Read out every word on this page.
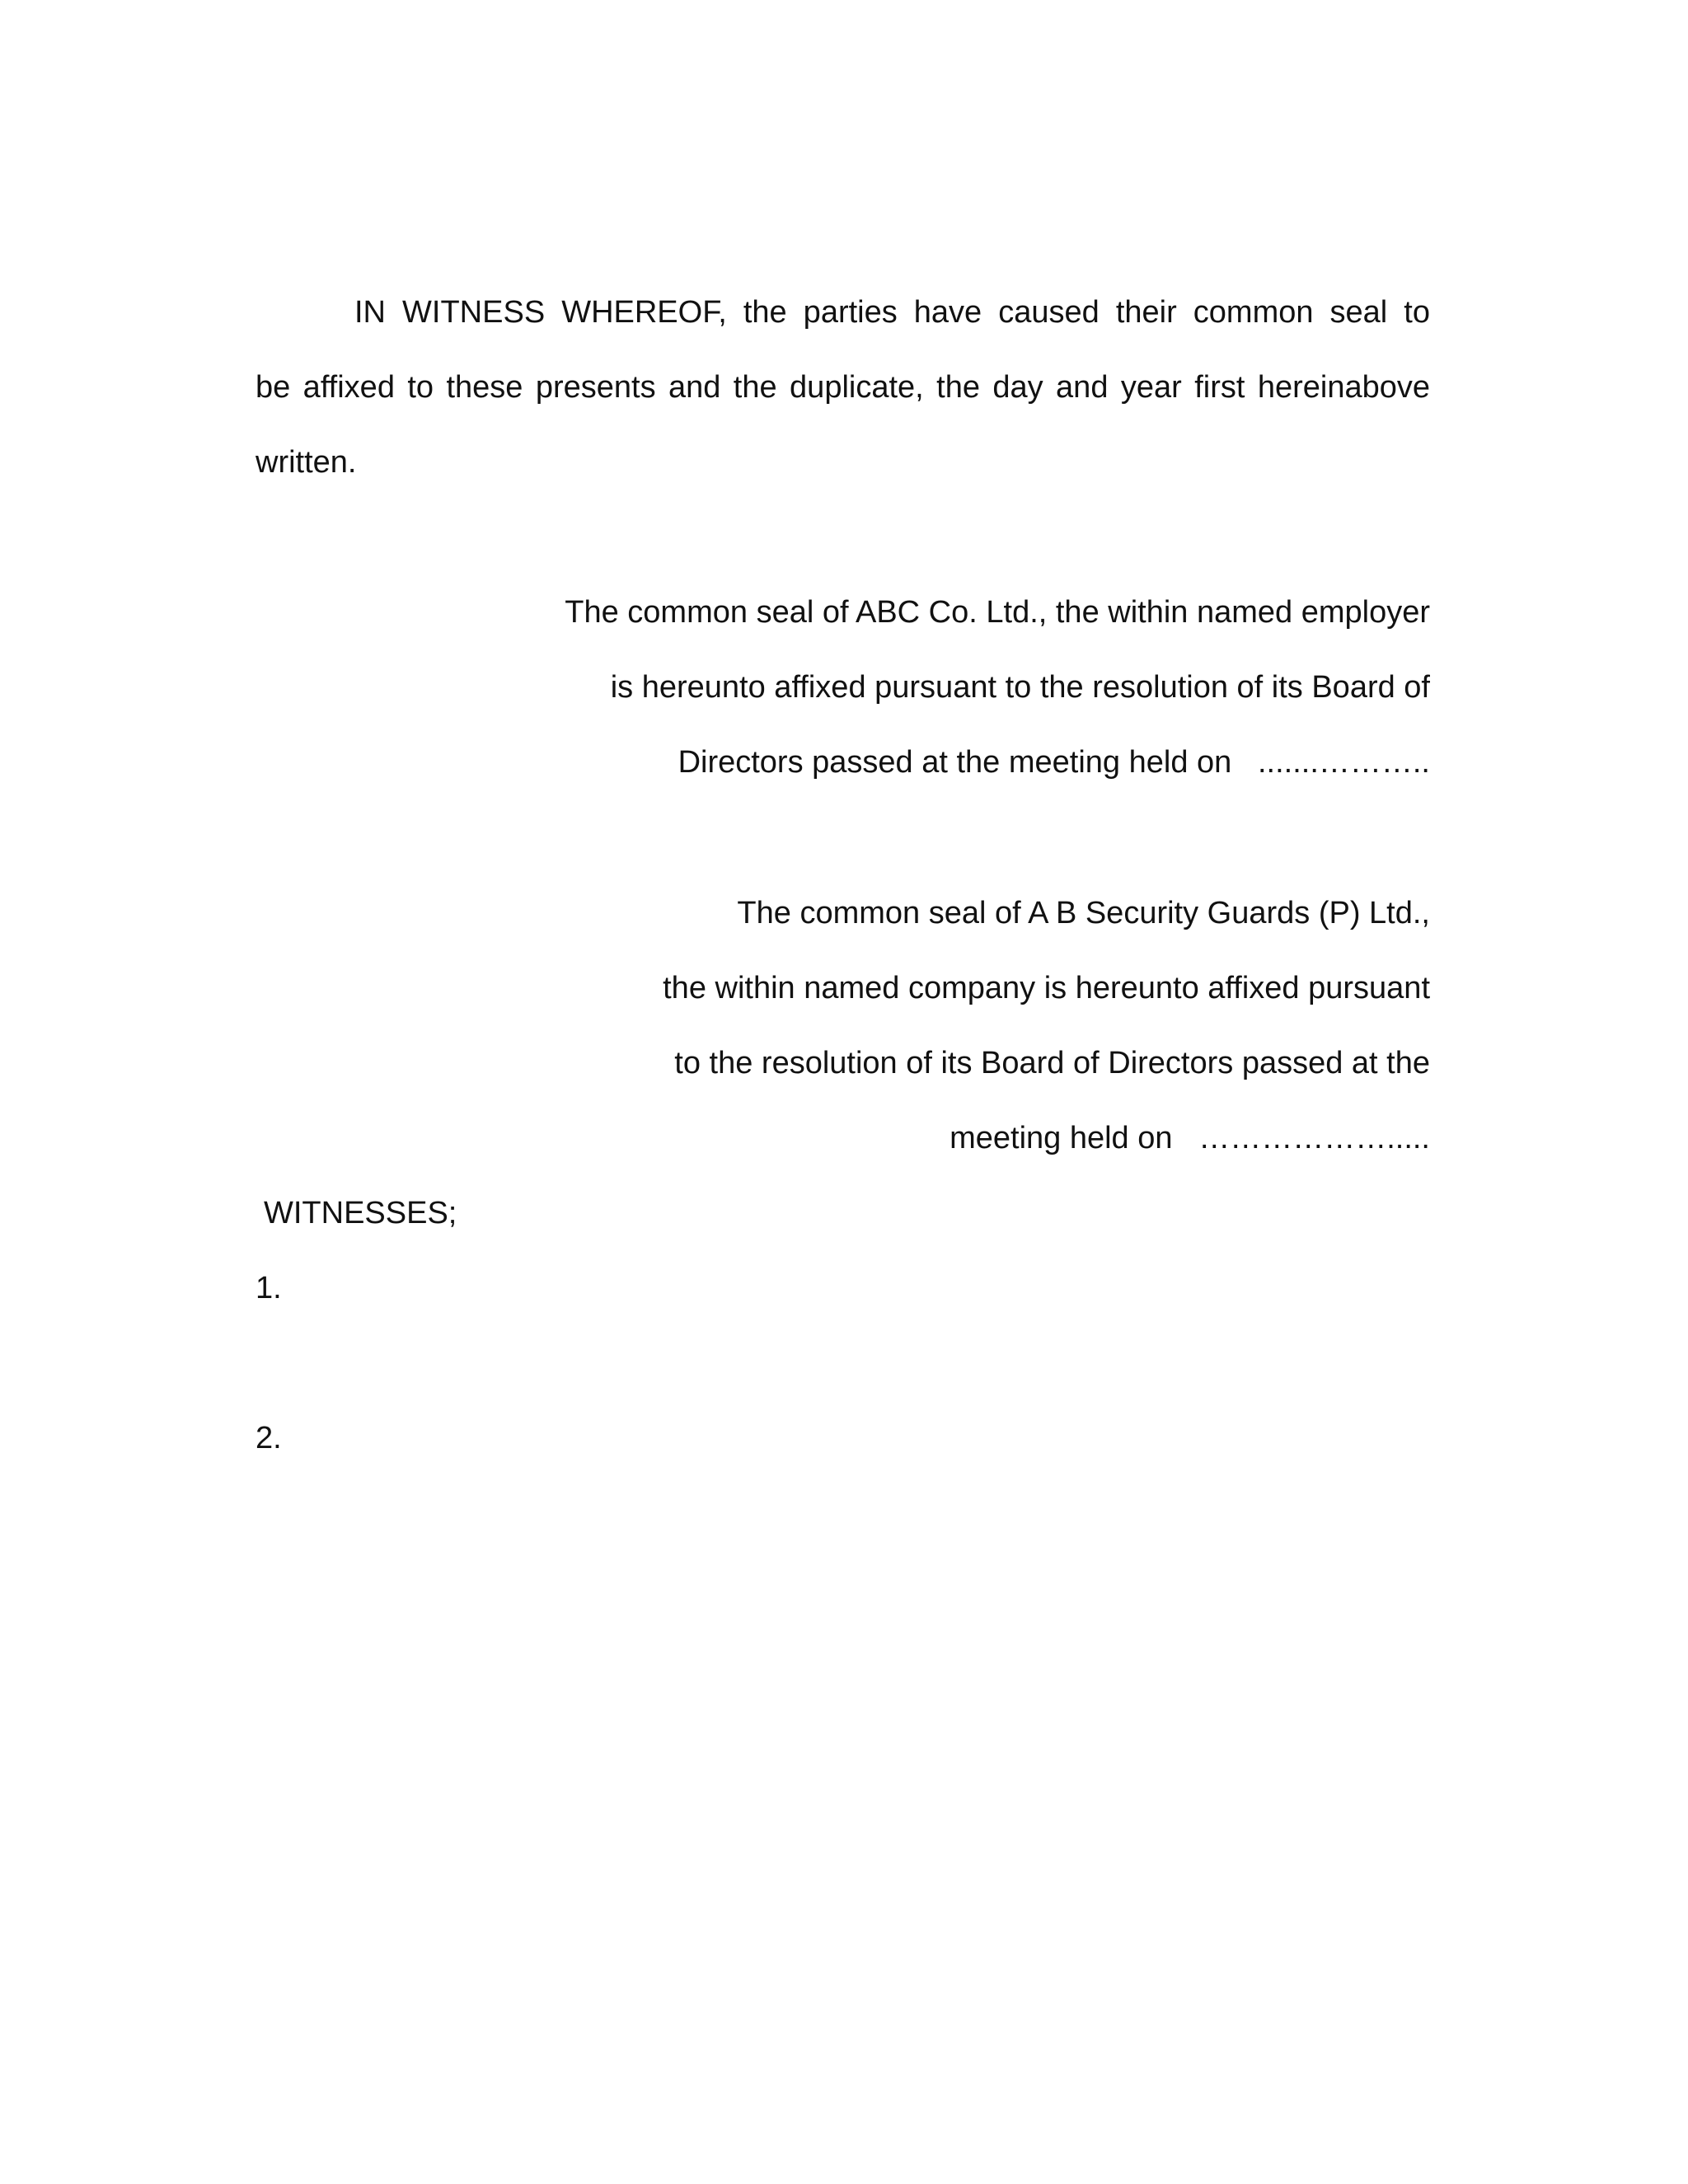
IN WITNESS WHEREOF, the parties have caused their common seal to
be affixed to these presents and the duplicate, the day and year first hereinabove
written.
The common seal of ABC Co. Ltd., the within named employer
is hereunto affixed pursuant to the resolution of its Board of
Directors passed at the meeting held on .......………..
The common seal of A B Security Guards (P) Ltd.,
the within named company is hereunto affixed pursuant
to the resolution of its Board of Directors passed at the
meeting held on ……………….....
WITNESSES;
1.
2.
